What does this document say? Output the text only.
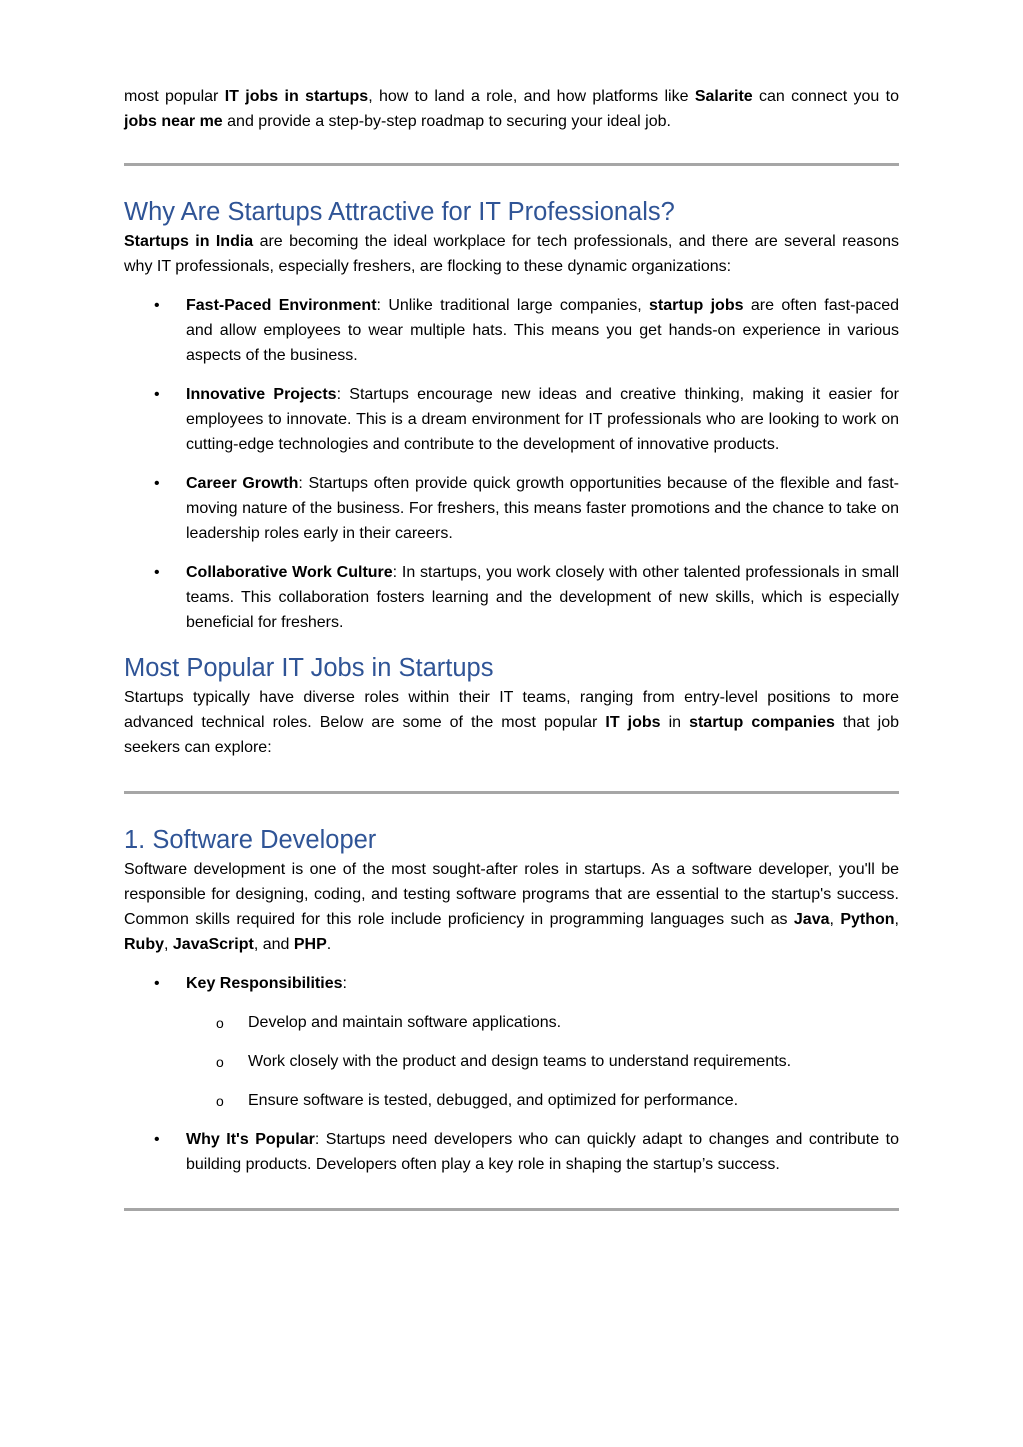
most popular IT jobs in startups, how to land a role, and how platforms like Salarite can connect you to jobs near me and provide a step-by-step roadmap to securing your ideal job.

Why Are Startups Attractive for IT Professionals?

Startups in India are becoming the ideal workplace for tech professionals, and there are several reasons why IT professionals, especially freshers, are flocking to these dynamic organizations:

• Fast-Paced Environment: Unlike traditional large companies, startup jobs are often fast-paced and allow employees to wear multiple hats. This means you get hands-on experience in various aspects of the business.

• Innovative Projects: Startups encourage new ideas and creative thinking, making it easier for employees to innovate. This is a dream environment for IT professionals who are looking to work on cutting-edge technologies and contribute to the development of innovative products.

• Career Growth: Startups often provide quick growth opportunities because of the flexible and fast-moving nature of the business. For freshers, this means faster promotions and the chance to take on leadership roles early in their careers.

• Collaborative Work Culture: In startups, you work closely with other talented professionals in small teams. This collaboration fosters learning and the development of new skills, which is especially beneficial for freshers.

Most Popular IT Jobs in Startups

Startups typically have diverse roles within their IT teams, ranging from entry-level positions to more advanced technical roles. Below are some of the most popular IT jobs in startup companies that job seekers can explore:

1. Software Developer

Software development is one of the most sought-after roles in startups. As a software developer, you'll be responsible for designing, coding, and testing software programs that are essential to the startup's success. Common skills required for this role include proficiency in programming languages such as Java, Python, Ruby, JavaScript, and PHP.

• Key Responsibilities:

o Develop and maintain software applications.

o Work closely with the product and design teams to understand requirements.

o Ensure software is tested, debugged, and optimized for performance.

• Why It's Popular: Startups need developers who can quickly adapt to changes and contribute to building products. Developers often play a key role in shaping the startup’s success.
